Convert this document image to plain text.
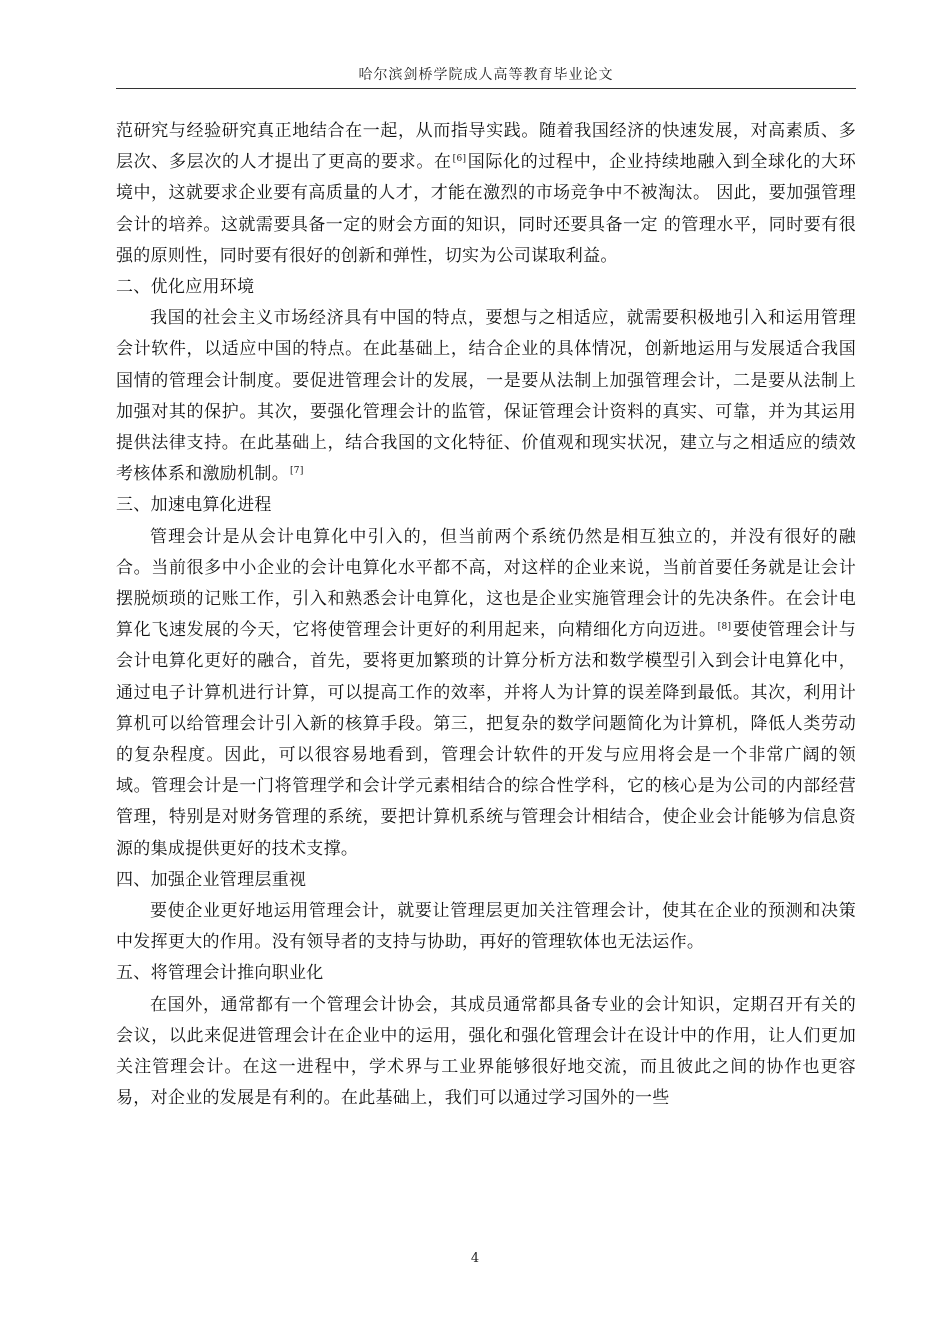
哈尔滨剑桥学院成人高等教育毕业论文

范研究与经验研究真正地结合在一起，从而指导实践。随着我国经济的快速发展，对高素质、多层次、多层次的人才提出了更高的要求。在[6]国际化的过程中，企业持续地融入到全球化的大环境中，这就要求企业要有高质量的人才，才能在激烈的市场竞争中不被淘汰。 因此，要加强管理会计的培养。这就需要具备一定的财会方面的知识，同时还要具备一定 的管理水平，同时要有很强的原则性，同时要有很好的创新和弹性，切实为公司谋取利益。

二、优化应用环境

我国的社会主义市场经济具有中国的特点，要想与之相适应，就需要积极地引入和运用管理会计软件，以适应中国的特点。在此基础上，结合企业的具体情况，创新地运用与发展适合我国国情的管理会计制度。要促进管理会计的发展，一是要从法制上加强管理会计，二是要从法制上加强对其的保护。其次，要强化管理会计的监管，保证管理会计资料的真实、可靠，并为其运用提供法律支持。在此基础上，结合我国的文化特征、价值观和现实状况，建立与之相适应的绩效考核体系和激励机制。[7]

三、加速电算化进程

管理会计是从会计电算化中引入的，但当前两个系统仍然是相互独立的，并没有很好的融合。当前很多中小企业的会计电算化水平都不高，对这样的企业来说，当前首要任务就是让会计摆脱烦琐的记账工作，引入和熟悉会计电算化，这也是企业实施管理会计的先决条件。在会计电算化飞速发展的今天，它将使管理会计更好的利用起来，向精细化方向迈进。[8]要使管理会计与会计电算化更好的融合，首先，要将更加繁琐的计算分析方法和数学模型引入到会计电算化中，通过电子计算机进行计算，可以提高工作的效率，并将人为计算的误差降到最低。其次，利用计算机可以给管理会计引入新的核算手段。第三，把复杂的数学问题简化为计算机，降低人类劳动的复杂程度。因此，可以很容易地看到，管理会计软件的开发与应用将会是一个非常广阔的领域。管理会计是一门将管理学和会计学元素相结合的综合性学科，它的核心是为公司的内部经营管理，特别是对财务管理的系统，要把计算机系统与管理会计相结合，使企业会计能够为信息资源的集成提供更好的技术支撑。

四、加强企业管理层重视

要使企业更好地运用管理会计，就要让管理层更加关注管理会计，使其在企业的预测和决策中发挥更大的作用。没有领导者的支持与协助，再好的管理软体也无法运作。

五、将管理会计推向职业化

在国外，通常都有一个管理会计协会，其成员通常都具备专业的会计知识，定期召开有关的会议，以此来促进管理会计在企业中的运用，强化和强化管理会计在设计中的作用，让人们更加关注管理会计。在这一进程中，学术界与工业界能够很好地交流，而且彼此之间的协作也更容易，对企业的发展是有利的。在此基础上，我们可以通过学习国外的一些

4
